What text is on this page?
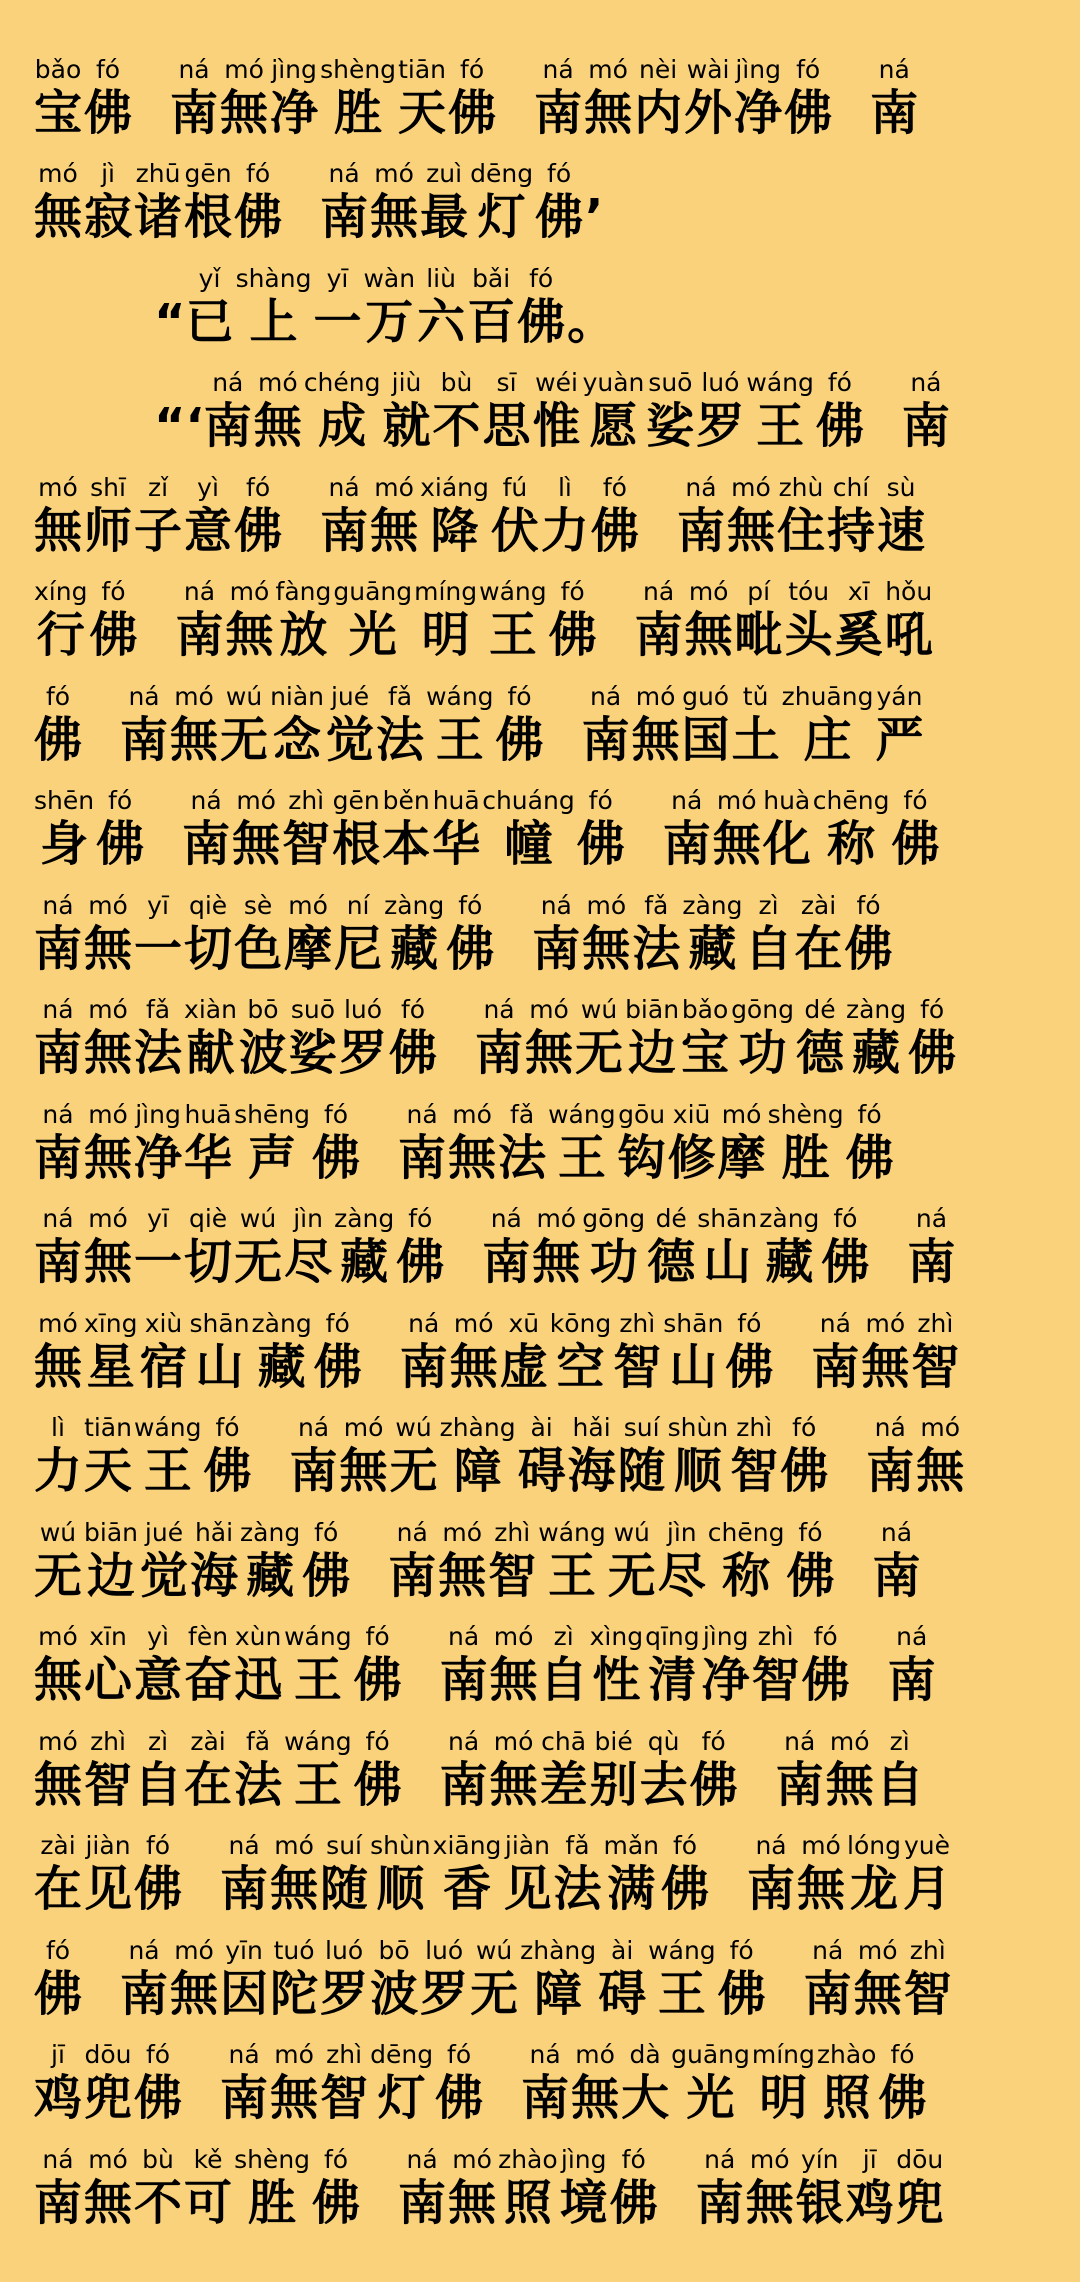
bǎo
宝
fó
佛
ná
南
mó
無
jìng
净
shèng
胜
tiān
天
fó
佛
ná
南
mó
無
nèi
内
wài
外
jìng
净
fó
佛
ná
南
mó
無
jì
寂
zhū
诸
gēn
根
fó
佛
ná
南
mó
無
zuì
最
dēng
灯
fó
佛 ’
“
yǐ
已
shàng
上
yī
一
wàn
万
liù
六
bǎi
百
fó
佛 。
“‘
ná
南
mó
無
chéng
成
jiù
就
bù
不
sī
思
wéi
惟
yuàn
愿
suō
娑
luó
罗
wáng
王
fó
佛
ná
南
mó
無
shī
师
zǐ
子
yì
意
fó
佛
ná
南
mó
無
xiáng
降
fú
伏
lì
力
fó
佛
ná
南
mó
無
zhù
住
chí
持
sù
速
xíng
行
fó
佛
ná
南
mó
無
fàng
放
guāng
光
míng
明
wáng
王
fó
佛
ná
南
mó
無
pí
毗
tóu
头
xī
奚
hǒu
吼
fó
佛
ná
南
mó
無
wú
无
niàn
念
jué
觉
fǎ
法
wáng
王
fó
佛
ná
南
mó
無
guó
国
tǔ
土
zhuāng
庄
yán
严
shēn
身
fó
佛
ná
南
mó
無
zhì
智
gēn
根
běn
本
huā
华
chuáng
幢
fó
佛
ná
南
mó
無
huà
化
chēng
称
fó
佛
ná
南
mó
無
yī
一
qiè
切
sè
色
mó
摩
ní
尼
zàng
藏
fó
佛
ná
南
mó
無
fǎ
法
zàng
藏
zì
自
zài
在
fó
佛
ná
南
mó
無
fǎ
法
xiàn
献
bō
波
suō
娑
luó
罗
fó
佛
ná
南
mó
無
wú
无
biān
边
bǎo
宝
gōng
功
dé
德
zàng
藏
fó
佛
ná
南
mó
無
jìng
净
huā
华
shēng
声
fó
佛
ná
南
mó
無
fǎ
法
wáng
王
gōu
钩
xiū
修
mó
摩
shèng
胜
fó
佛
ná
南
mó
無
yī
一
qiè
切
wú
无
jìn
尽
zàng
藏
fó
佛
ná
南
mó
無
gōng
功
dé
德
shān
山
zàng
藏
fó
佛
ná
南
mó
無
xīng
星
xiù
宿
shān
山
zàng
藏
fó
佛
ná
南
mó
無
xū
虚
kōng
空
zhì
智
shān
山
fó
佛
ná
南
mó
無
zhì
智
lì
力
tiān
天
wáng
王
fó
佛
ná
南
mó
無
wú
无
zhàng
障
ài
碍
hǎi
海
suí
随
shùn
顺
zhì
智
fó
佛
ná
南
mó
無
wú
无
biān
边
jué
觉
hǎi
海
zàng
藏
fó
佛
ná
南
mó
無
zhì
智
wáng
王
wú
无
jìn
尽
chēng
称
fó
佛
ná
南
mó
無
xīn
心
yì
意
fèn
奋
xùn
迅
wáng
王
fó
佛
ná
南
mó
無
zì
自
xìng
性
qīng
清
jìng
净
zhì
智
fó
佛
ná
南
mó
無
zhì
智
zì
自
zài
在
fǎ
法
wáng
王
fó
佛
ná
南
mó
無
chā
差
bié
别
qù
去
fó
佛
ná
南
mó
無
zì
自
zài
在
jiàn
见
fó
佛
ná
南
mó
無
suí
随
shùn
顺
xiāng
香
jiàn
见
fǎ
法
mǎn
满
fó
佛
ná
南
mó
無
lóng
龙
yuè
月
fó
佛
ná
南
mó
無
yīn
因
tuó
陀
luó
罗
bō
波
luó
罗
wú
无
zhàng
障
ài
碍
wáng
王
fó
佛
ná
南
mó
無
zhì
智
jī
鸡
dōu
兜
fó
佛
ná
南
mó
無
zhì
智
dēng
灯
fó
佛
ná
南
mó
無
dà
大
guāng
光
míng
明
zhào
照
fó
佛
ná
南
mó
無
bù
不
kě
可
shèng
胜
fó
佛
ná
南
mó
無
zhào
照
jìng
境
fó
佛
ná
南
mó
無
yín
银
jī
鸡
dōu
兜
